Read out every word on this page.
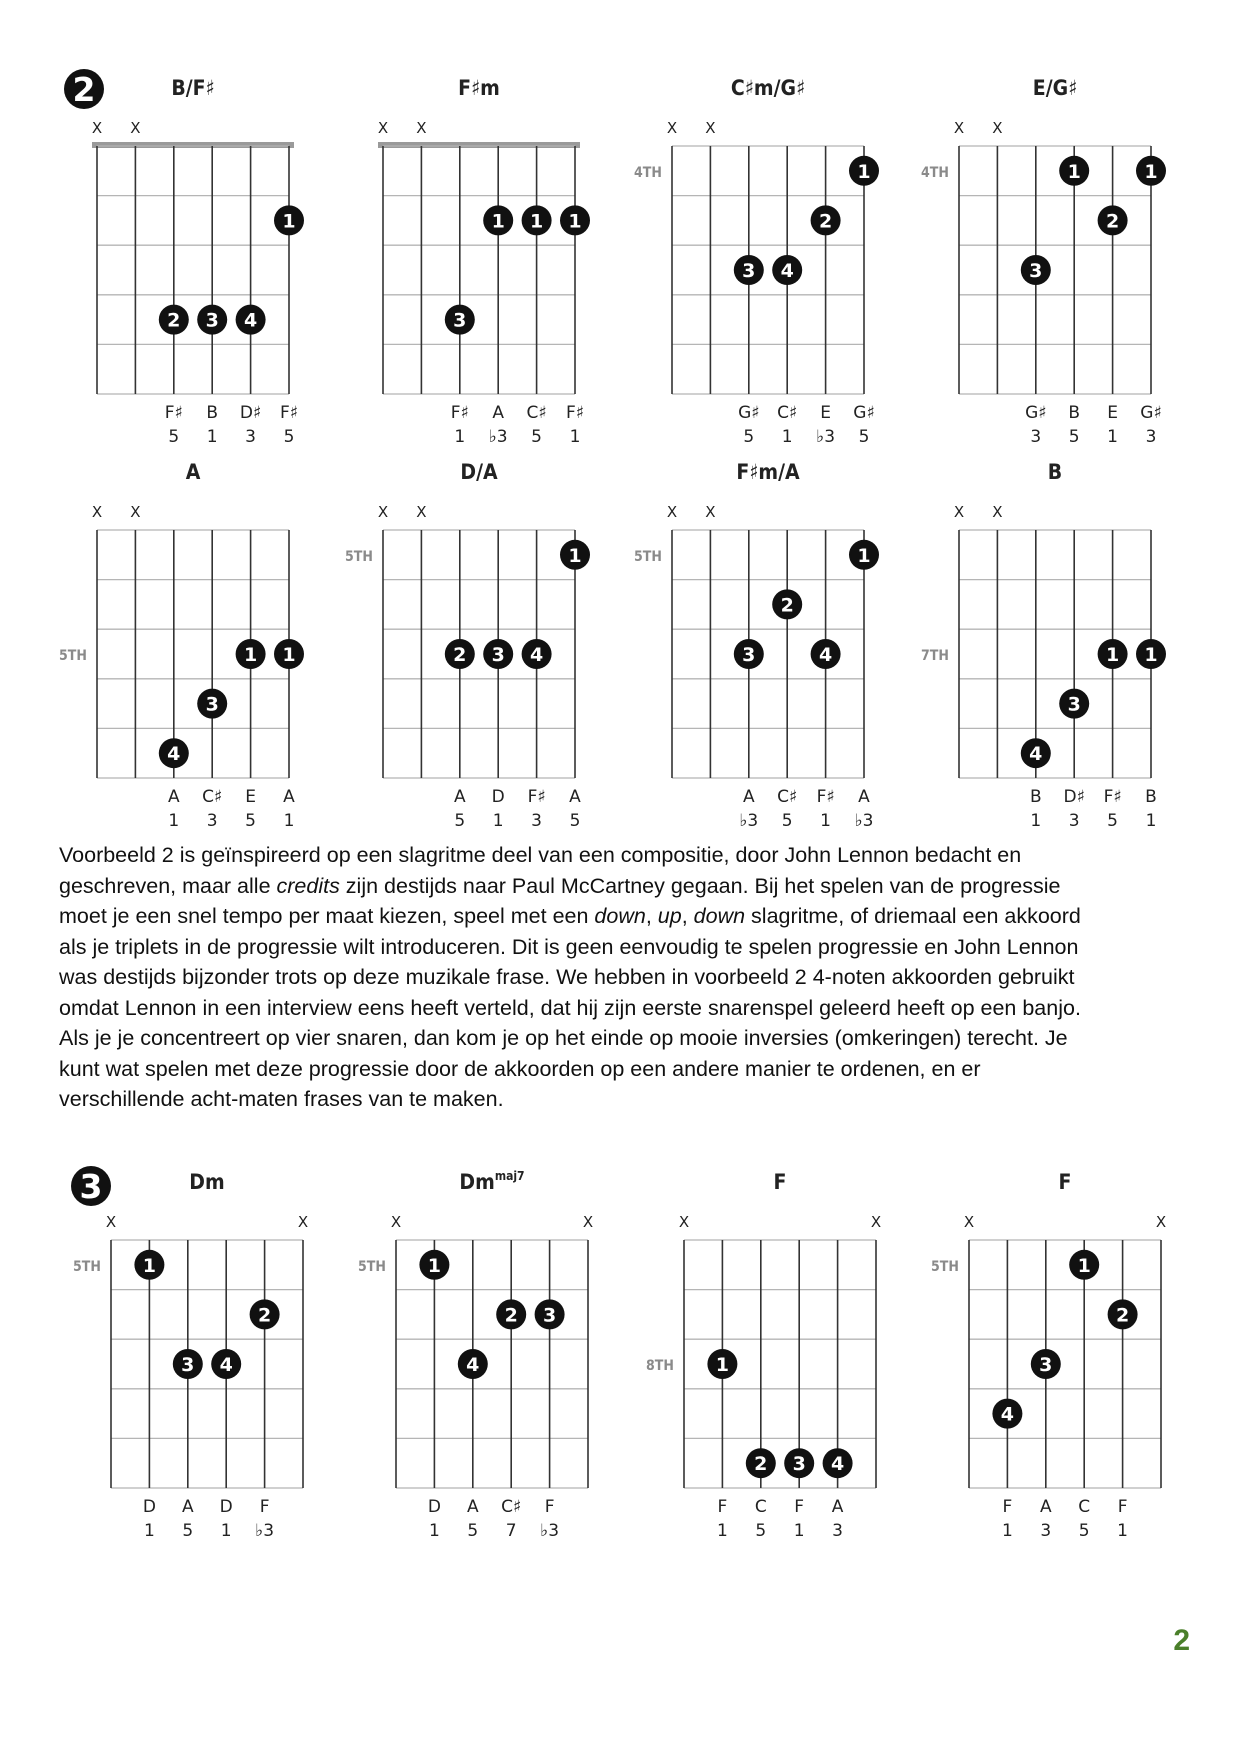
2	B/F♯
X X
1
2 3 4
F♯ B D♯ F♯
5 1 3 5
F♯m
X X
1 1 1
3
F♯ A C♯ F♯
1 ♭3 5 1
C♯m/G♯
X X
4TH	1
2
3 4
G♯ C♯ E G♯
5 1 ♭3 5
E/G♯
X X
4TH	1	1
2
3
G♯ B E G♯
3 5 1 3
A
X X
5TH	1 1
3
4
A C♯ E A
1 3 5 1
D/A
X X
5TH	1
2 3 4
A D F♯ A
5 1 3 5
F♯m/A
X X
5TH	1
2
3	4
A C♯ F♯ A
♭3 5 1 ♭3
B
X X
7TH	1 1
3
4
B D♯ F♯ B
1 3 5 1
3	Dm
X	X
5TH 1
2
3 4
D A D F
1 5 1 ♭3
$Dm^{maj7}$
X	X
5TH 1
2 3
4
D A C♯ F
1 5 7 ♭3
F
X	X
8TH 1
2 3 4
F C F A
1 5 1 3
F
X	X
5TH	1
2
3
4
F A C F
1 3 5 1
Voorbeeld 2 is geïnspireerd op een slagritme deel van een compositie, door John Lennon bedacht en
geschreven, maar alle credits zijn destijds naar Paul McCartney gegaan. Bij het spelen van de progressie
moet je een snel tempo per maat kiezen, speel met een down, up, down slagritme, of driemaal een akkoord
als je triplets in de progressie wilt introduceren. Dit is geen eenvoudig te spelen progressie en John Lennon
was destijds bijzonder trots op deze muzikale frase. We hebben in voorbeeld 2 4-noten akkoorden gebruikt
omdat Lennon in een interview eens heeft verteld, dat hij zijn eerste snarenspel geleerd heeft op een banjo.
Als je je concentreert op vier snaren, dan kom je op het einde op mooie inversies (omkeringen) terecht. Je
kunt wat spelen met deze progressie door de akkoorden op een andere manier te ordenen, en er
verschillende acht-maten frases van te maken.
2
